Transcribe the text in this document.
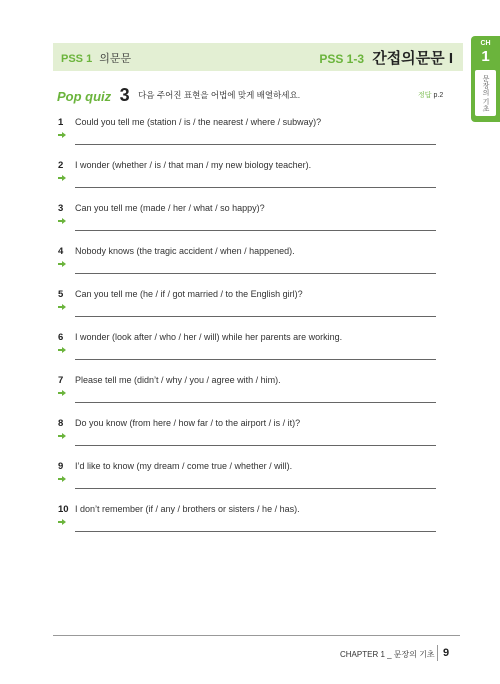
PSS 1 의문문	PSS 1-3 간접의문문 I
CH
1
문장의 기초
Pop quiz 3 다음 주어진 표현을 어법에 맞게 배열하세요.	정답 p.2
1 Could you tell me (station / is / the nearest / where / subway)?
2 I wonder (whether / is / that man / my new biology teacher).
3 Can you tell me (made / her / what / so happy)?
4 Nobody knows (the tragic accident / when / happened).
5 Can you tell me (he / if / got married / to the English girl)?
6 I wonder (look after / who / her / will) while her parents are working.
7 Please tell me (didn’t / why / you / agree with / him).
8 Do you know (from here / how far / to the airport / is / it)?
9 I’d like to know (my dream / come true / whether / will).
10 I don’t remember (if / any / brothers or sisters / he / has).
CHAPTER 1 _ 문장의 기초 9
